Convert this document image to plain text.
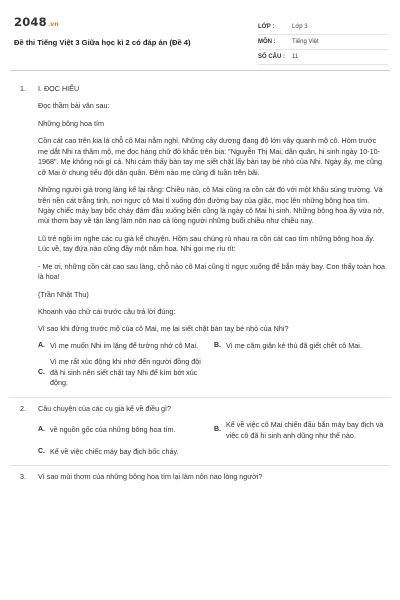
2048.vn
Đề thi Tiếng Việt 3 Giữa học kì 2 có đáp án (Đề 4)
LỚP :	Lớp 3
MÔN :	Tiếng Việt
SỐ CÂU :	11
1.	I. ĐỌC HIỂU
Đọc thầm bài văn sau:
Những bông hoa tím
Cồn cát cao trên kia là chỗ cô Mai nằm nghỉ. Những cây dương đang độ lớn vây quanh mộ cô. Hòm trước mẹ dắt Nhi ra thăm mộ, mẹ đọc hàng chữ đỏ khắc trên bia: "Nguyễn Thị Mai, dân quân, hi sinh ngày 10-10-1968". Mẹ không nói gì cả. Nhi cảm thấy bàn tay mẹ siết chặt lấy bàn tay bé nhỏ của Nhi. Ngày ấy, mẹ cũng cỡ Mai ở chung tiểu đội dân quân. Đêm nào mẹ cũng đi tuần trên bãi.
Những người già trong làng kể lại rằng: Chiều nào, cô Mai cũng ra cồn cát đó với một khẩu súng trường. Và trên nền cát trắng tinh, nơi ngực cô Mai tì xuống đón đường bay của giặc, mọc lên những bông hoa tím. Ngày chiếc máy bay bốc cháy đâm đầu xuống biển cũng là ngày cô Mai hi sinh. Những bông hoa ấy vừa nở, mùi thơm bay về tận làng làm nôn nao cả lòng người những buổi chiều như chiều nay.
Lũ trẻ ngồi im nghe các cụ già kể chuyện. Hồm sau chúng rủ nhau ra cồn cát cao tìm những bông hoa ấy. Lúc về, tay đứa nào cũng đầy một nắm hoa. Nhi gọi mẹ ríu rít:
- Mẹ ơi, những cồn cát cao sau làng, chỗ nào cô Mai cũng tì ngực xuống để bắn máy bay. Con thấy toàn hoa là hoa!
(Trần Nhật Thu)
Khoanh vào chữ cái trước câu trả lời đúng:
Vì sao khi đứng trước mộ của cô Mai, mẹ lại siết chặt bàn tay bé nhỏ của Nhi?
A. Vì mẹ muốn Nhi im lặng để tưởng nhớ cô Mai.	B. Vì mẹ căm giận kẻ thù đã giết chết cô Mai.
C.
Vì mẹ rất xúc động khi nhớ đến người đồng đội đã hi sinh nên siết chặt tay Nhi để kìm bớt xúc động.
2.	Câu chuyện của các cụ già kể về điều gì?
A. về nguồn gốc của những bông hoa tím.	B.
Kể về việc cô Mai chiến đấu bắn máy bay địch và việc cô đã hi sinh anh dũng như thế nào.
C. Kể về việc chiếc máy bay địch bốc cháy.
3.	Vì sao mùi thơm của những bông hoa tím lại làm nôn nao lòng người?
